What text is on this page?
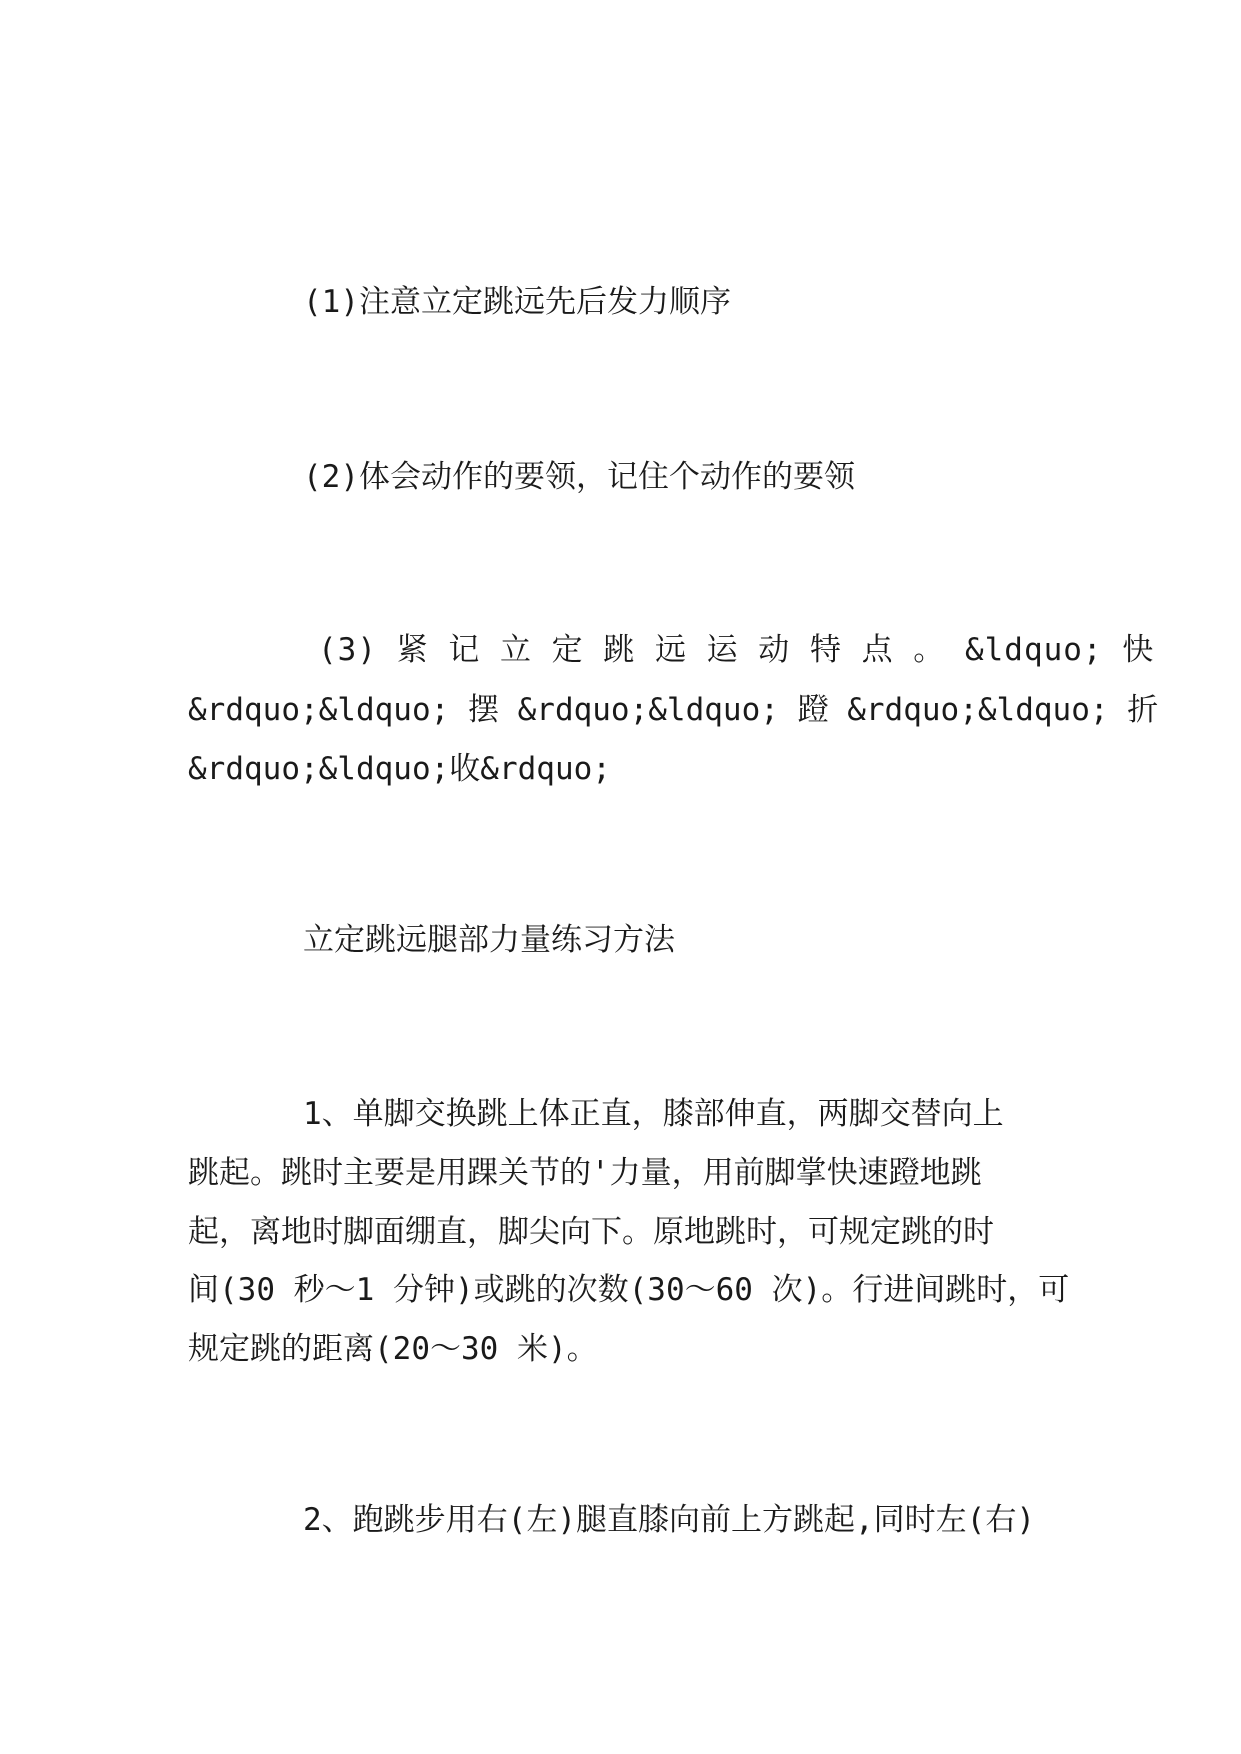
(1)注意立定跳远先后发力顺序
(2)体会动作的要领，记住个动作的要领
(3) 紧 记 立 定 跳 远 运 动 特 点 。 &ldquo; 快
&rdquo;&ldquo; 摆 &rdquo;&ldquo; 蹬 &rdquo;&ldquo; 折
&rdquo;&ldquo;收&rdquo;
立定跳远腿部力量练习方法
1、单脚交换跳上体正直，膝部伸直，两脚交替向上
跳起。跳时主要是用踝关节的'力量，用前脚掌快速蹬地跳
起，离地时脚面绷直，脚尖向下。原地跳时，可规定跳的时
间(30 秒～1 分钟)或跳的次数(30～60 次)。行进间跳时，可
规定跳的距离(20～30 米)。
2、跑跳步用右(左)腿直膝向前上方跳起,同时左(右)
